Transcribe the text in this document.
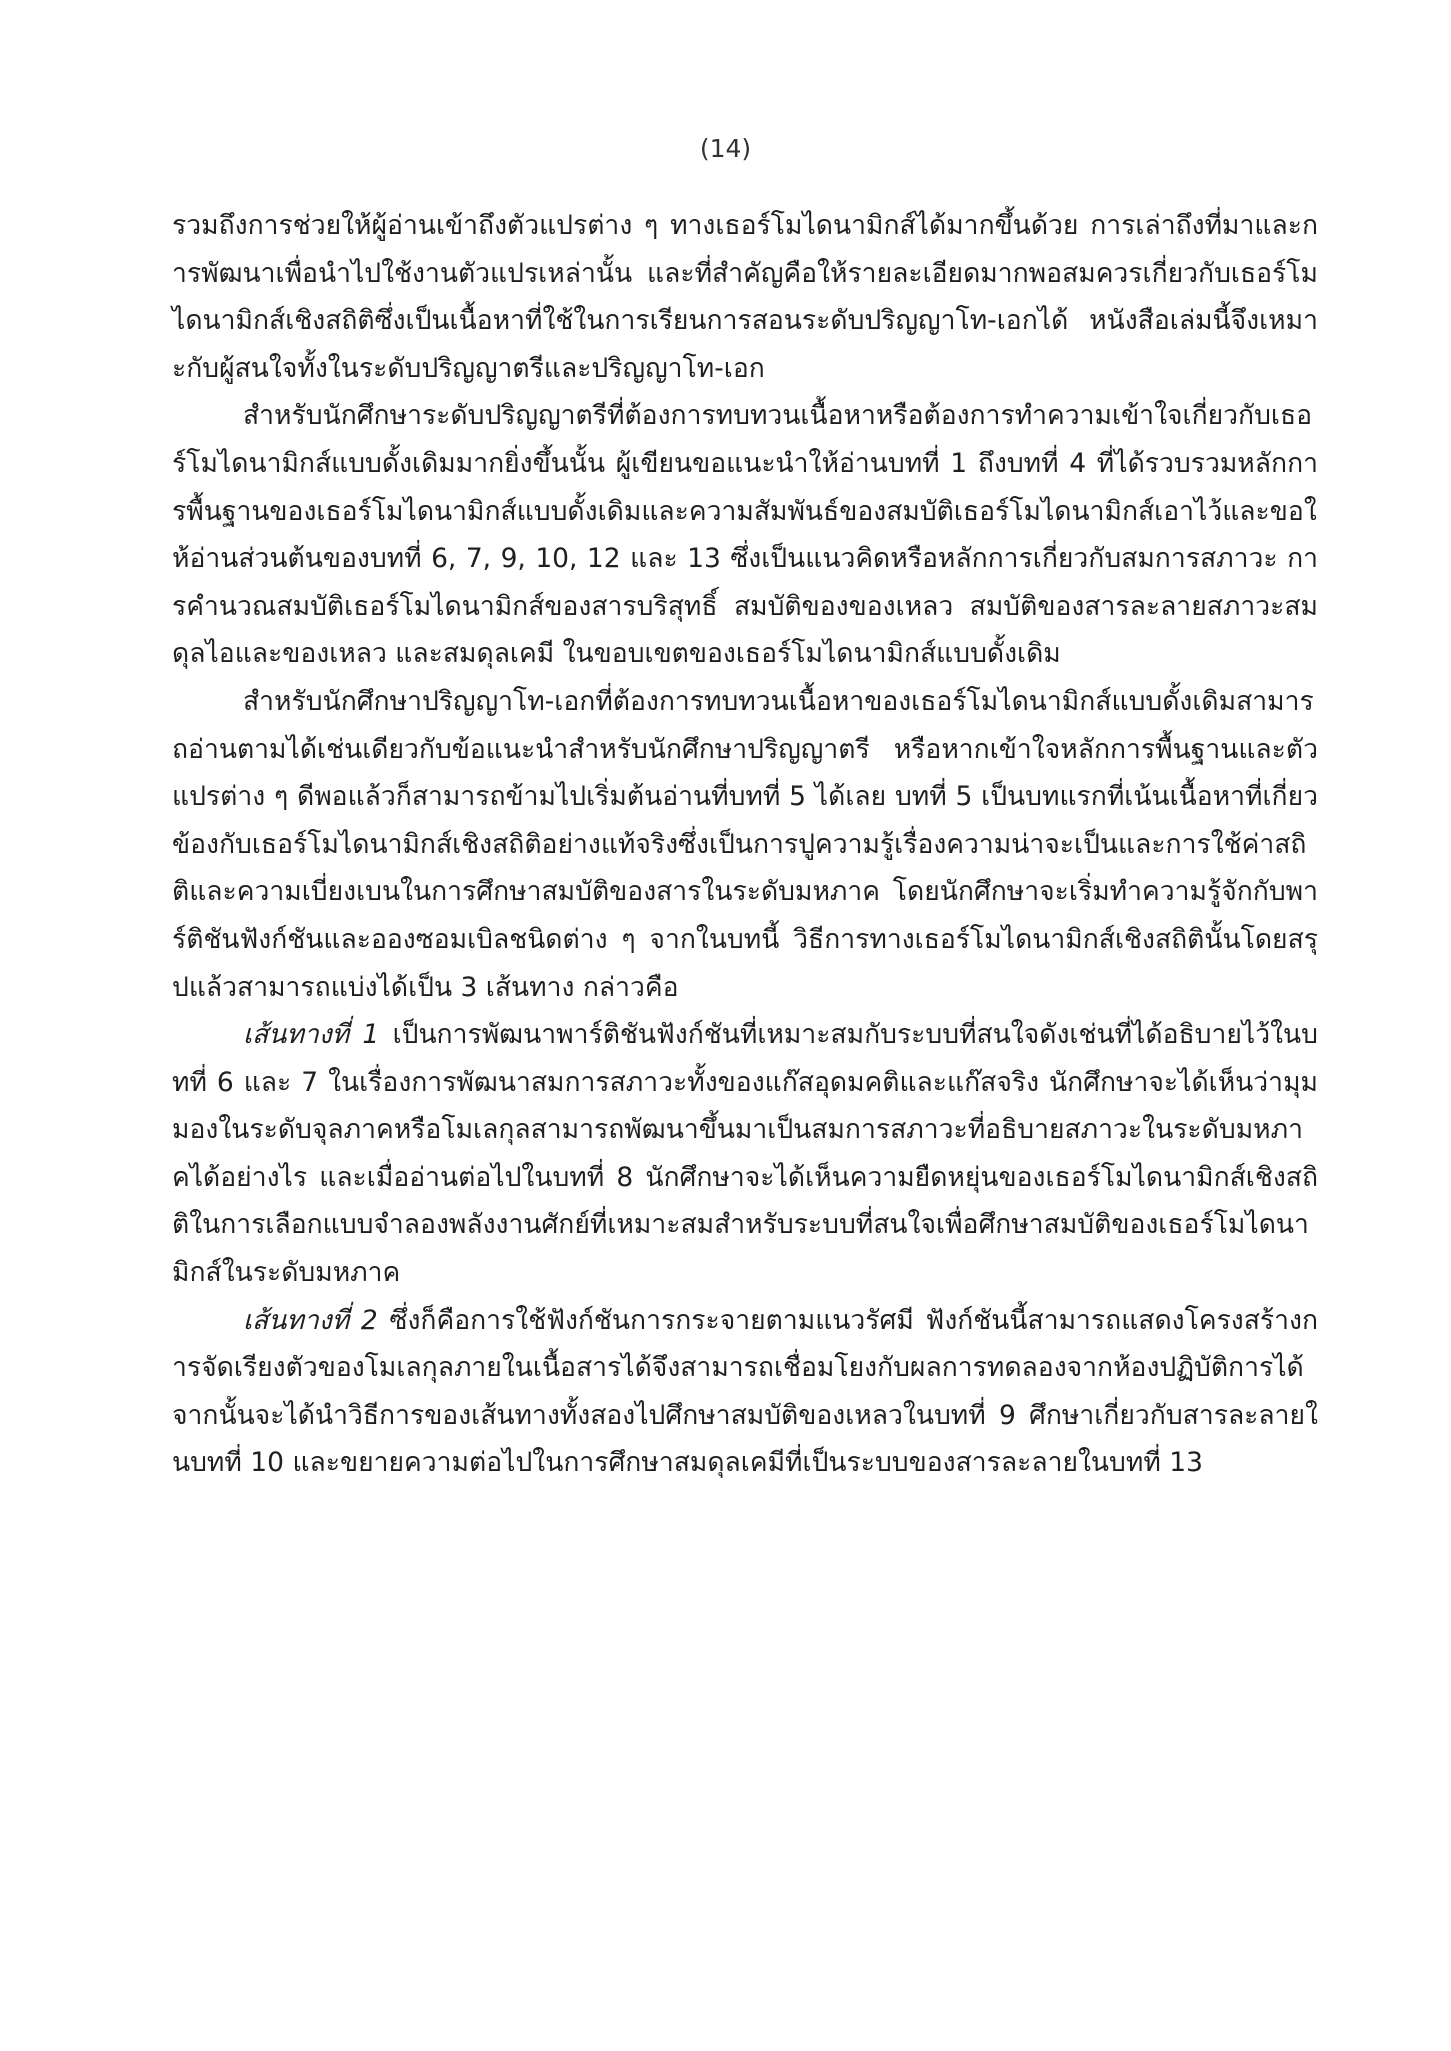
(14)

รวมถึงการช่วยให้ผู้อ่านเข้าถึงตัวแปรต่าง ๆ ทางเธอร์โมไดนามิกส์ได้มากขึ้นด้วย การเล่าถึงที่มาและการพัฒนาเพื่อนำไปใช้งานตัวแปรเหล่านั้น และที่สำคัญคือให้รายละเอียดมากพอสมควรเกี่ยวกับเธอร์โมไดนามิกส์เชิงสถิติซึ่งเป็นเนื้อหาที่ใช้ในการเรียนการสอนระดับปริญญาโท-เอกได้ หนังสือเล่มนี้จึงเหมาะกับผู้สนใจทั้งในระดับปริญญาตรีและปริญญาโท-เอก

สำหรับนักศึกษาระดับปริญญาตรีที่ต้องการทบทวนเนื้อหาหรือต้องการทำความเข้าใจเกี่ยวกับเธอร์โมไดนามิกส์แบบดั้งเดิมมากยิ่งขึ้นนั้น ผู้เขียนขอแนะนำให้อ่านบทที่ 1 ถึงบทที่ 4 ที่ได้รวบรวมหลักการพื้นฐานของเธอร์โมไดนามิกส์แบบดั้งเดิมและความสัมพันธ์ของสมบัติเธอร์โมไดนามิกส์เอาไว้และขอให้อ่านส่วนต้นของบทที่ 6, 7, 9, 10, 12 และ 13 ซึ่งเป็นแนวคิดหรือหลักการเกี่ยวกับสมการสภาวะ การคำนวณสมบัติเธอร์โมไดนามิกส์ของสารบริสุทธิ์ สมบัติของของเหลว สมบัติของสารละลายสภาวะสมดุลไอและของเหลว และสมดุลเคมี ในขอบเขตของเธอร์โมไดนามิกส์แบบดั้งเดิม

สำหรับนักศึกษาปริญญาโท-เอกที่ต้องการทบทวนเนื้อหาของเธอร์โมไดนามิกส์แบบดั้งเดิมสามารถอ่านตามได้เช่นเดียวกับข้อแนะนำสำหรับนักศึกษาปริญญาตรี หรือหากเข้าใจหลักการพื้นฐานและตัวแปรต่าง ๆ ดีพอแล้วก็สามารถข้ามไปเริ่มต้นอ่านที่บทที่ 5 ได้เลย บทที่ 5 เป็นบทแรกที่เน้นเนื้อหาที่เกี่ยวข้องกับเธอร์โมไดนามิกส์เชิงสถิติอย่างแท้จริงซึ่งเป็นการปูความรู้เรื่องความน่าจะเป็นและการใช้ค่าสถิติและความเบี่ยงเบนในการศึกษาสมบัติของสารในระดับมหภาค โดยนักศึกษาจะเริ่มทำความรู้จักกับพาร์ติชันฟังก์ชันและอองซอมเบิลชนิดต่าง ๆ จากในบทนี้ วิธีการทางเธอร์โมไดนามิกส์เชิงสถิตินั้นโดยสรุปแล้วสามารถแบ่งได้เป็น 3 เส้นทาง กล่าวคือ

เส้นทางที่ 1 เป็นการพัฒนาพาร์ติชันฟังก์ชันที่เหมาะสมกับระบบที่สนใจดังเช่นที่ได้อธิบายไว้ในบทที่ 6 และ 7 ในเรื่องการพัฒนาสมการสภาวะทั้งของแก๊สอุดมคติและแก๊สจริง นักศึกษาจะได้เห็นว่ามุมมองในระดับจุลภาคหรือโมเลกุลสามารถพัฒนาขึ้นมาเป็นสมการสภาวะที่อธิบายสภาวะในระดับมหภาคได้อย่างไร และเมื่ออ่านต่อไปในบทที่ 8 นักศึกษาจะได้เห็นความยืดหยุ่นของเธอร์โมไดนามิกส์เชิงสถิติในการเลือกแบบจำลองพลังงานศักย์ที่เหมาะสมสำหรับระบบที่สนใจเพื่อศึกษาสมบัติของเธอร์โมไดนามิกส์ในระดับมหภาค

เส้นทางที่ 2 ซึ่งก็คือการใช้ฟังก์ชันการกระจายตามแนวรัศมี ฟังก์ชันนี้สามารถแสดงโครงสร้างการจัดเรียงตัวของโมเลกุลภายในเนื้อสารได้จึงสามารถเชื่อมโยงกับผลการทดลองจากห้องปฏิบัติการได้จากนั้นจะได้นำวิธีการของเส้นทางทั้งสองไปศึกษาสมบัติของเหลวในบทที่ 9 ศึกษาเกี่ยวกับสารละลายในบทที่ 10 และขยายความต่อไปในการศึกษาสมดุลเคมีที่เป็นระบบของสารละลายในบทที่ 13
